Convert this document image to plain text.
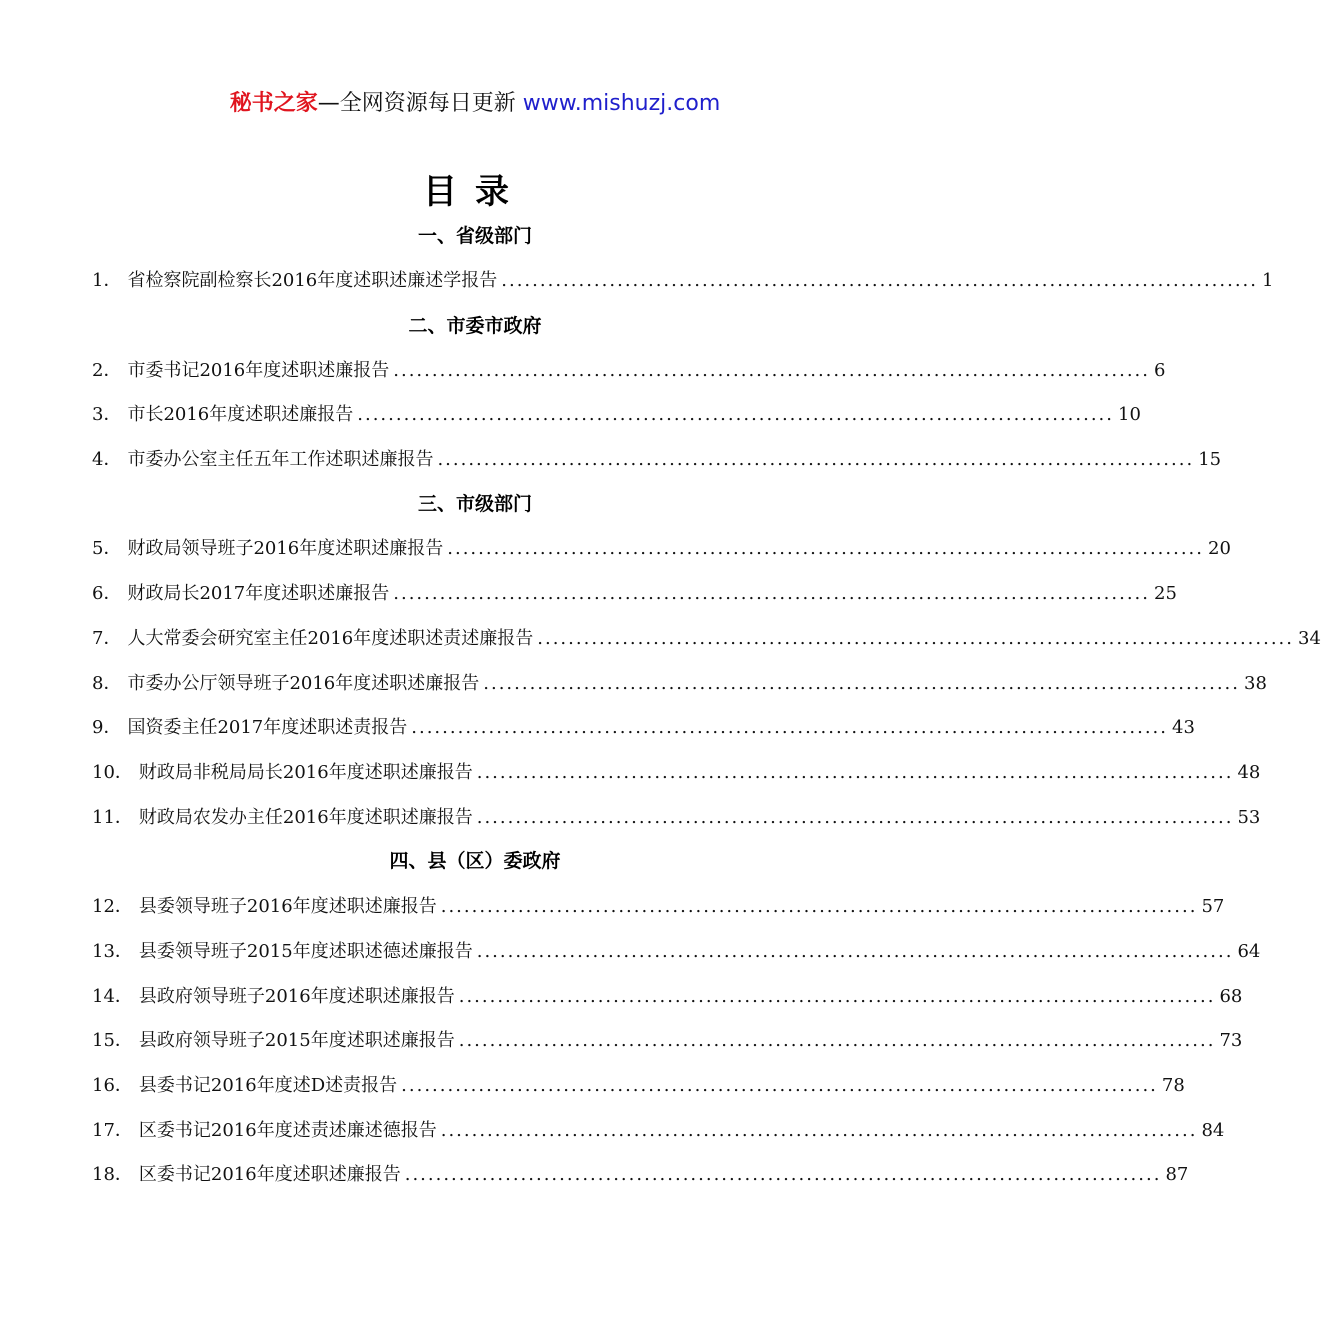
秘书之家—全网资源每日更新 www.mishuzj.com
目录
一、省级部门
1． 省检察院副检察长2016年度述职述廉述学报告 .................................................................................................. 1
二、市委市政府
2． 市委书记2016年度述职述廉报告 .................................................................................................. 6
3． 市长2016年度述职述廉报告 .................................................................................................. 10
4． 市委办公室主任五年工作述职述廉报告 .................................................................................................. 15
三、市级部门
5． 财政局领导班子2016年度述职述廉报告 .................................................................................................. 20
6． 财政局长2017年度述职述廉报告 .................................................................................................. 25
7． 人大常委会研究室主任2016年度述职述责述廉报告 .................................................................................................. 34
8． 市委办公厅领导班子2016年度述职述廉报告 .................................................................................................. 38
9． 国资委主任2017年度述职述责报告 .................................................................................................. 43
10． 财政局非税局局长2016年度述职述廉报告 .................................................................................................. 48
11． 财政局农发办主任2016年度述职述廉报告 .................................................................................................. 53
四、县（区）委政府
12． 县委领导班子2016年度述职述廉报告 .................................................................................................. 57
13． 县委领导班子2015年度述职述德述廉报告 .................................................................................................. 64
14． 县政府领导班子2016年度述职述廉报告 .................................................................................................. 68
15． 县政府领导班子2015年度述职述廉报告 .................................................................................................. 73
16． 县委书记2016年度述D述责报告 .................................................................................................. 78
17． 区委书记2016年度述责述廉述德报告 .................................................................................................. 84
18． 区委书记2016年度述职述廉报告 .................................................................................................. 87
